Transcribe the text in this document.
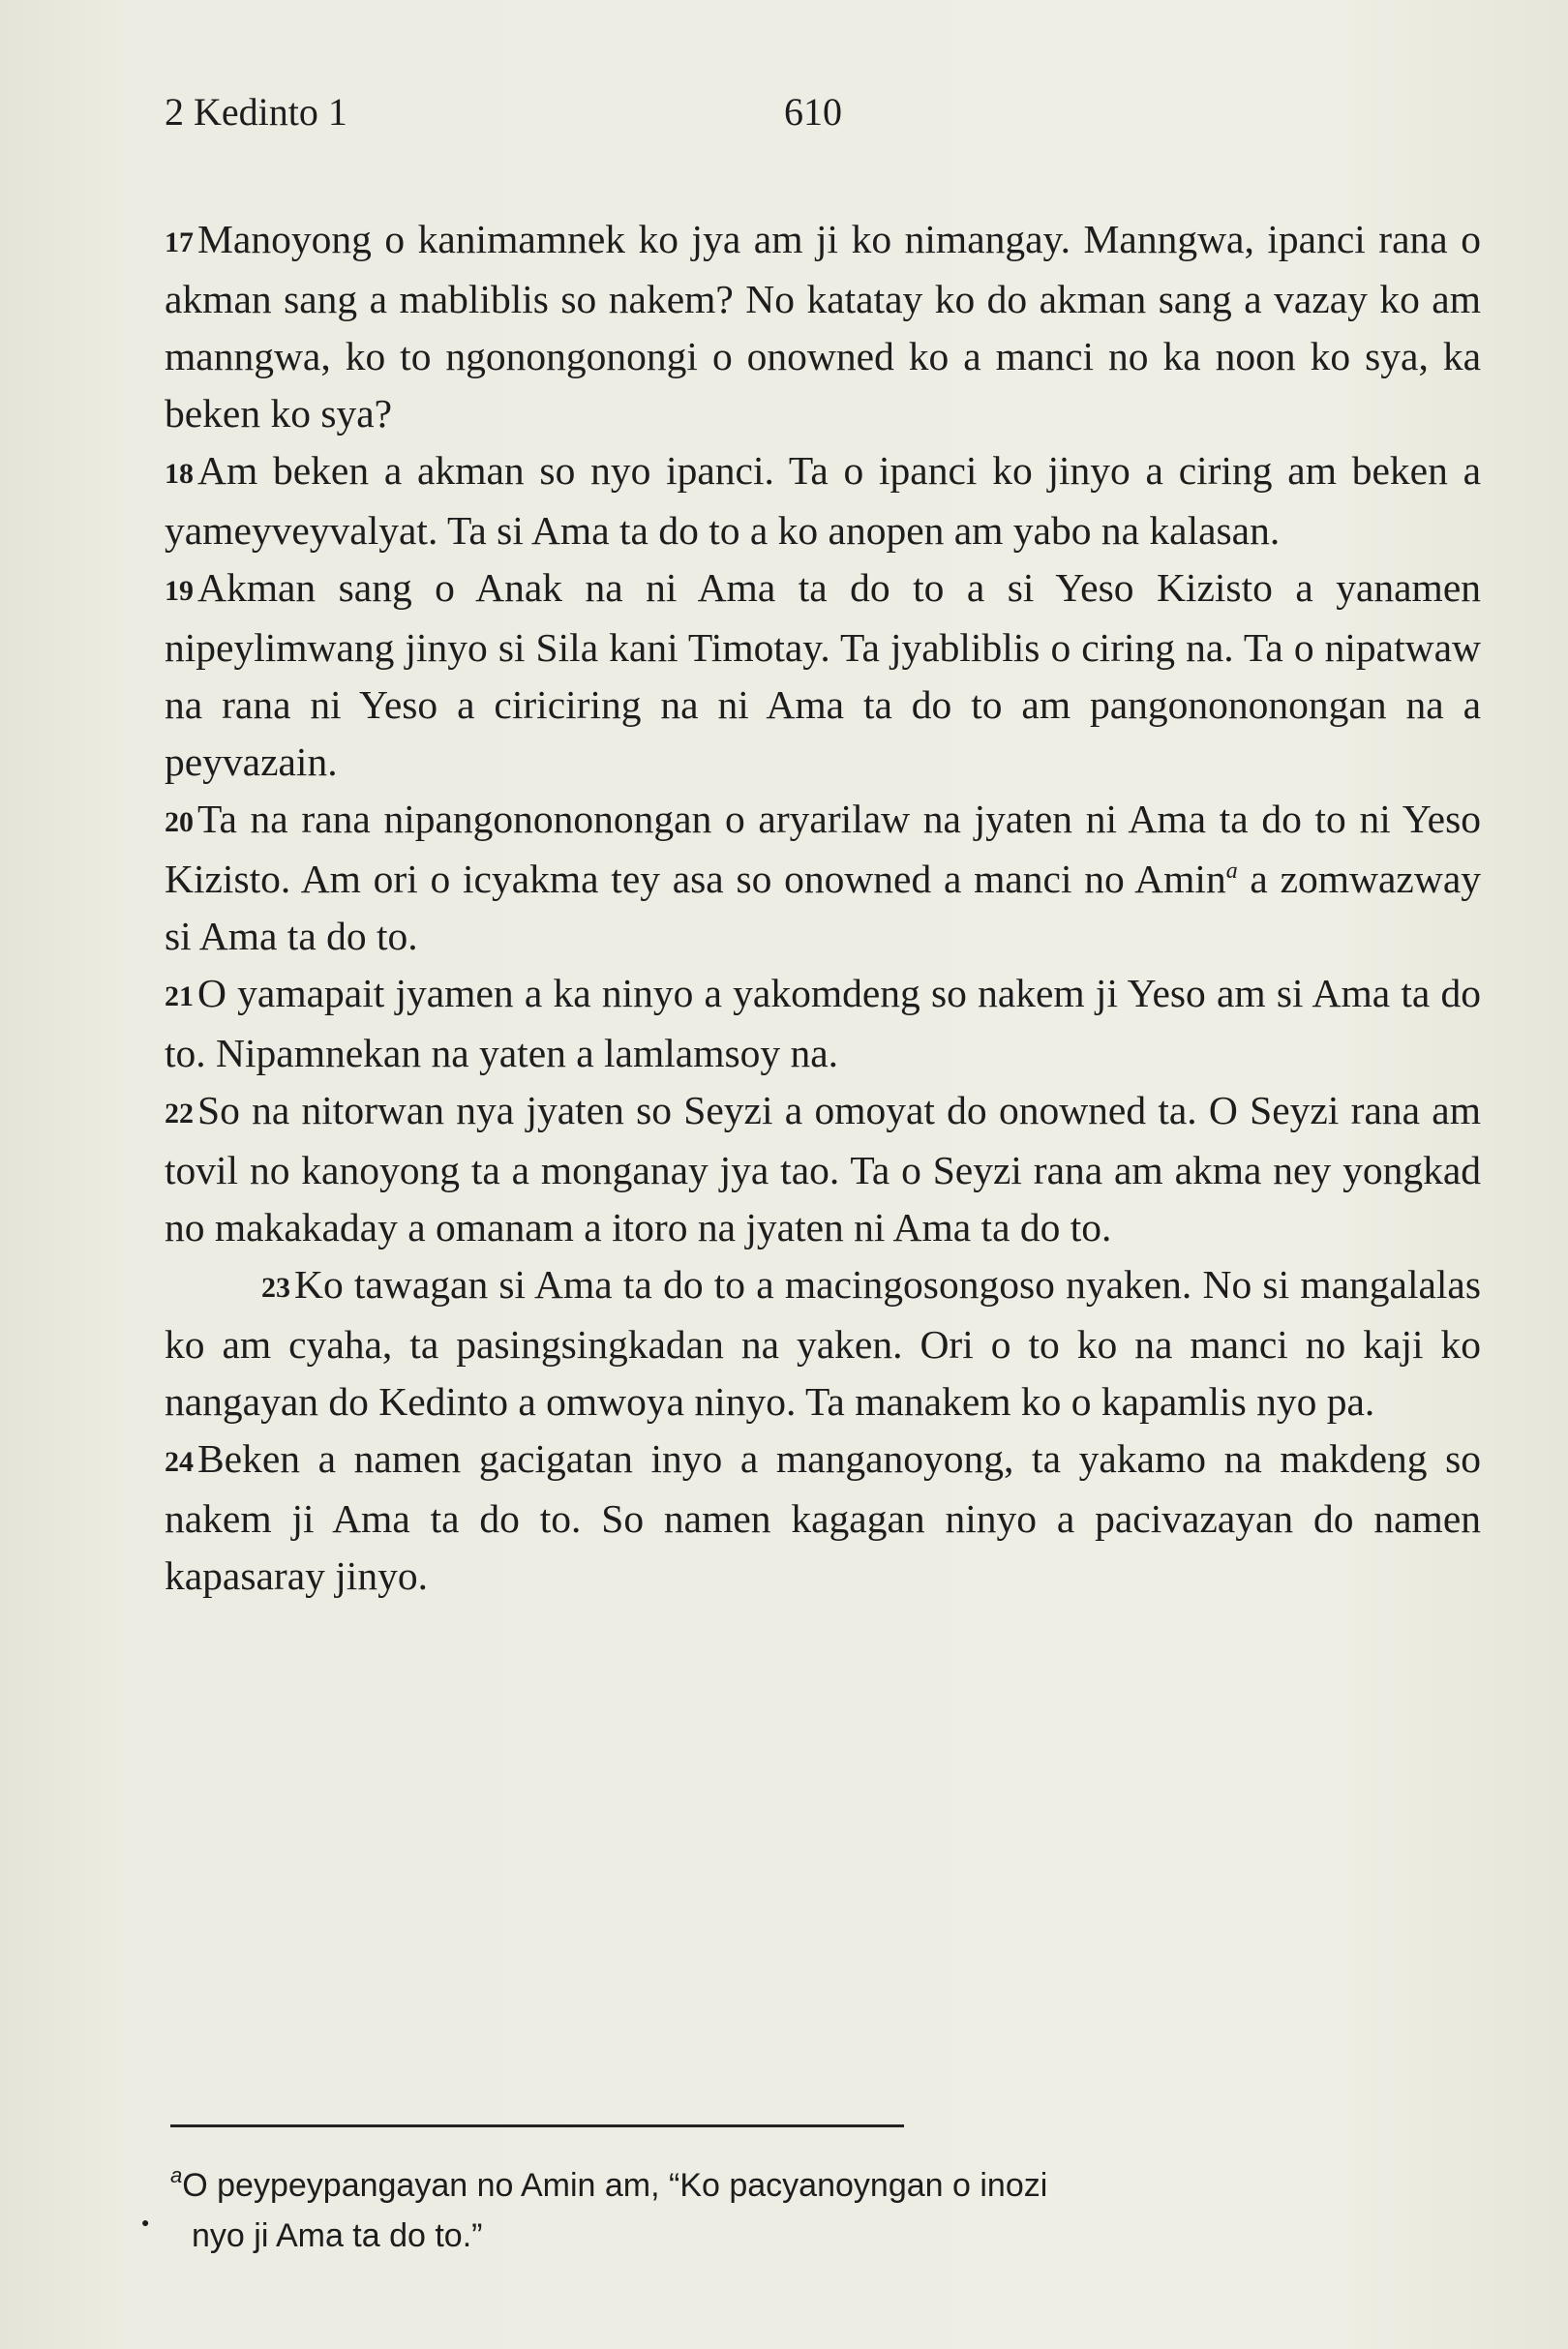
2 Kedinto 1	610

17Manoyong o kanimamnek ko jya am ji ko nimangay. Manngwa, ipanci rana o akman sang a mabliblis so nakem? No katatay ko do akman sang a vazay ko am manngwa, ko to ngonongonongi o onowned ko a manci no ka noon ko sya, ka beken ko sya?

18Am beken a akman so nyo ipanci. Ta o ipanci ko jinyo a ciring am beken a yameyveyvalyat. Ta si Ama ta do to a ko anopen am yabo na kalasan.

19Akman sang o Anak na ni Ama ta do to a si Yeso Kizisto a yanamen nipeylimwang jinyo si Sila kani Timotay. Ta jyabliblis o ciring na. Ta o nipatwaw na rana ni Yeso a ciriciring na ni Ama ta do to am pangonononongan na a peyvazain.

20Ta na rana nipangonononongan o aryarilaw na jyaten ni Ama ta do to ni Yeso Kizisto. Am ori o icyakma tey asa so onowned a manci no Amin$^a$ a zomwazway si Ama ta do to.

21O yamapait jyamen a ka ninyo a yakomdeng so nakem ji Yeso am si Ama ta do to. Nipamnekan na yaten a lamlamsoy na.

22So na nitorwan nya jyaten so Seyzi a omoyat do onowned ta. O Seyzi rana am tovil no kanoyong ta a monganay jya tao. Ta o Seyzi rana am akma ney yongkad no makakaday a omanam a itoro na jyaten ni Ama ta do to.

23Ko tawagan si Ama ta do to a macingosongoso nyaken. No si mangalalas ko am cyaha, ta pasingsingkadan na yaken. Ori o to ko na manci no kaji ko nangayan do Kedinto a omwoya ninyo. Ta manakem ko o kapamlis nyo pa.

24Beken a namen gacigatan inyo a manganoyong, ta yakamo na makdeng so nakem ji Ama ta do to. So namen kagagan ninyo a pacivazayan do namen kapasaray jinyo.

●
$^a$O peypeypangayan no Amin am, “Ko pacyanoyngan o inozi
nyo ji Ama ta do to.”
